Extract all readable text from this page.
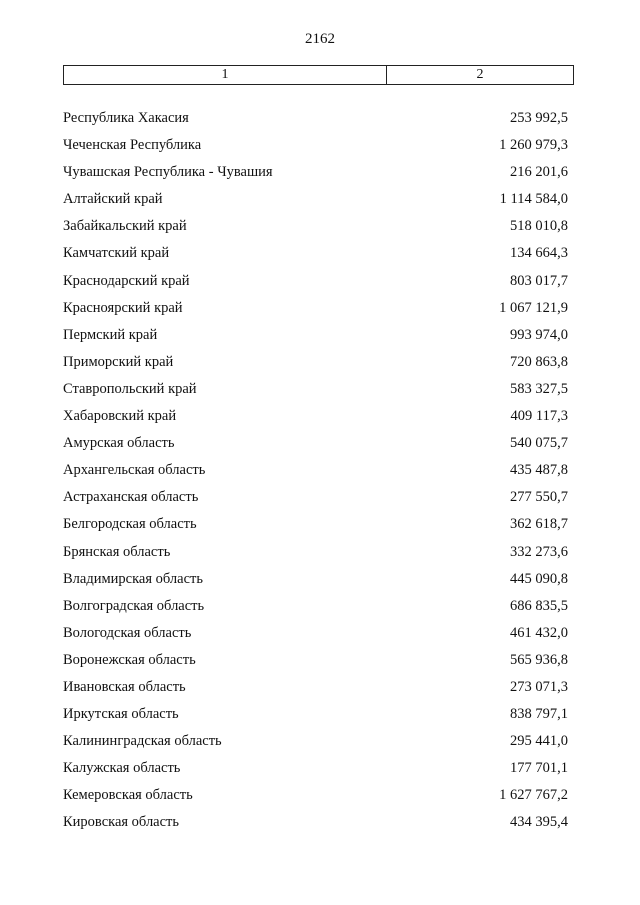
2162
1	2
Республика Хакасия	253 992,5
Чеченская Республика	1 260 979,3
Чувашская Республика - Чувашия	216 201,6
Алтайский край	1 114 584,0
Забайкальский край	518 010,8
Камчатский край	134 664,3
Краснодарский край	803 017,7
Красноярский край	1 067 121,9
Пермский край	993 974,0
Приморский край	720 863,8
Ставропольский край	583 327,5
Хабаровский край	409 117,3
Амурская область	540 075,7
Архангельская область	435 487,8
Астраханская область	277 550,7
Белгородская область	362 618,7
Брянская область	332 273,6
Владимирская область	445 090,8
Волгоградская область	686 835,5
Вологодская область	461 432,0
Воронежская область	565 936,8
Ивановская область	273 071,3
Иркутская область	838 797,1
Калининградская область	295 441,0
Калужская область	177 701,1
Кемеровская область	1 627 767,2
Кировская область	434 395,4
